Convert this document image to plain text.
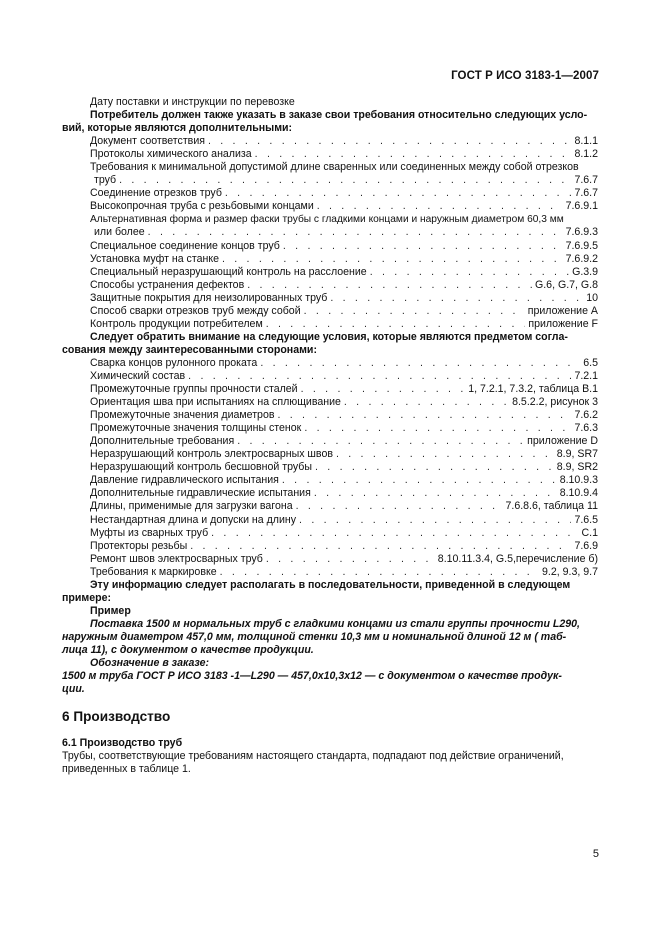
ГОСТ Р ИСО 3183-1—2007
Дату поставки и инструкции по перевозке
Потребитель должен также указать в заказе свои требования относительно следующих усло-
вий, которые являются дополнительными:
Документ соответствия . . .	8.1.1
Протоколы химического анализа . . .	8.1.2
Требования к минимальной допустимой длине сваренных или соединенных между собой отрезков
труб . . .	7.6.7
Соединение отрезков труб . . .	7.6.7
Высокопрочная труба с резьбовыми концами . . .	7.6.9.1
Альтернативная форма и размер фаски трубы с гладкими концами и наружным диаметром 60,3 мм
или более . . .	7.6.9.3
Специальное соединение концов труб . . .	7.6.9.5
Установка муфт на станке . . .	7.6.9.2
Специальный неразрушающий контроль на расслоение . . .	G.3.9
Способы устранения дефектов . . .	G.6, G.7, G.8
Защитные покрытия для неизолированных труб . . .	10
Способ сварки отрезков труб между собой . . .	приложение А
Контроль продукции потребителем . . .	приложение F
Следует обратить внимание на следующие условия, которые являются предметом согла-
сования между заинтересованными сторонами:
Сварка концов рулонного проката . . .	6.5
Химический состав . . .	7.2.1
Промежуточные группы прочности сталей . . .	1, 7.2.1, 7.3.2, таблица В.1
Ориентация шва при испытаниях на сплющивание . . .	8.5.2.2, рисунок 3
Промежуточные значения диаметров . . .	7.6.2
Промежуточные значения толщины стенок . . .	7.6.3
Дополнительные требования . . .	приложение D
Неразрушающий контроль электросварных швов . . .	8.9, SR7
Неразрушающий контроль бесшовной трубы . . .	8.9, SR2
Давление гидравлического испытания . . .	8.10.9.3
Дополнительные гидравлические испытания . . .	8.10.9.4
Длины, применимые для загрузки вагона . . .	7.6.8.6, таблица 11
Нестандартная длина и допуски на длину . . .	7.6.5
Муфты из сварных труб . . .	С.1
Протекторы резьбы . . .	7.6.9
Ремонт швов электросварных труб . . .	8.10.11.3.4, G.5,перечисление б)
Требования к маркировке . . .	9.2, 9.3, 9.7
Эту информацию следует располагать в последовательности, приведенной в следующем
примере:
Пример
Поставка 1500 м нормальных труб с гладкими концами из стали группы прочности L290,
наружным диаметром 457,0 мм, толщиной стенки 10,3 мм и номинальной длиной 12 м ( таб-
лица 11), с документом о качестве продукции.
Обозначение в заказе:
1500 м труба ГОСТ Р ИСО 3183 -1—L290 — 457,0х10,3х12 — с документом о качестве продук-
ции.
6 Производство
6.1 Производство труб
Трубы, соответствующие требованиям настоящего стандарта, подпадают под действие ограничений,
приведенных в таблице 1.
5
